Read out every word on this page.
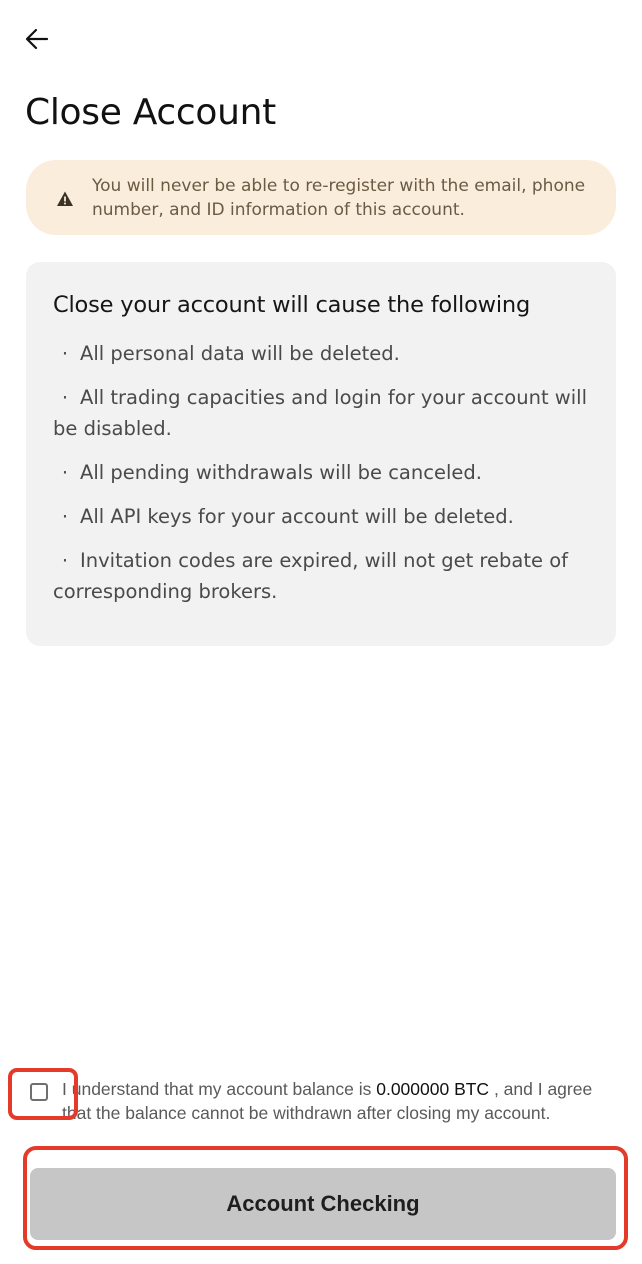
Close Account
You will never be able to re-register with the email, phone number, and ID information of this account.
Close your account will cause the following
· All personal data will be deleted.
· All trading capacities and login for your account will be disabled.
· All pending withdrawals will be canceled.
· All API keys for your account will be deleted.
· Invitation codes are expired, will not get rebate of corresponding brokers.

I understand that my account balance is 0.000000 BTC , and I agree that the balance cannot be withdrawn after closing my account.

Account Checking
